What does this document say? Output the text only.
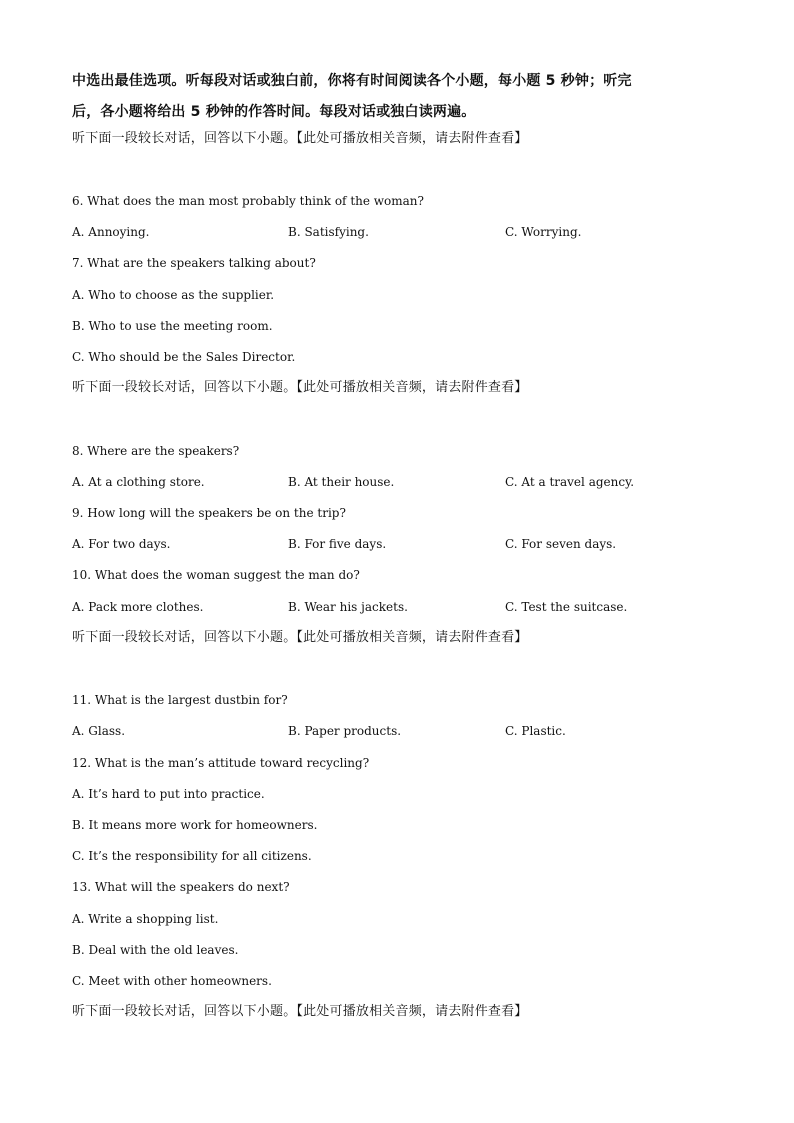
中选出最佳选项。听每段对话或独白前，你将有时间阅读各个小题，每小题 5 秒钟；听完
后，各小题将给出 5 秒钟的作答时间。每段对话或独白读两遍。
听下面一段较长对话，回答以下小题。【此处可播放相关音频，请去附件查看】
6. What does the man most probably think of the woman?
A. Annoying.	B. Satisfying.	C. Worrying.
7. What are the speakers talking about?
A. Who to choose as the supplier.
B. Who to use the meeting room.
C. Who should be the Sales Director.
听下面一段较长对话，回答以下小题。【此处可播放相关音频，请去附件查看】
8. Where are the speakers?
A. At a clothing store.	B. At their house.	C. At a travel agency.
9. How long will the speakers be on the trip?
A. For two days.	B. For five days.	C. For seven days.
10. What does the woman suggest the man do?
A. Pack more clothes.	B. Wear his jackets.	C. Test the suitcase.
听下面一段较长对话，回答以下小题。【此处可播放相关音频，请去附件查看】
11. What is the largest dustbin for?
A. Glass.	B. Paper products.	C. Plastic.
12. What is the man’s attitude toward recycling?
A. It’s hard to put into practice.
B. It means more work for homeowners.
C. It’s the responsibility for all citizens.
13. What will the speakers do next?
A. Write a shopping list.
B. Deal with the old leaves.
C. Meet with other homeowners.
听下面一段较长对话，回答以下小题。【此处可播放相关音频，请去附件查看】
